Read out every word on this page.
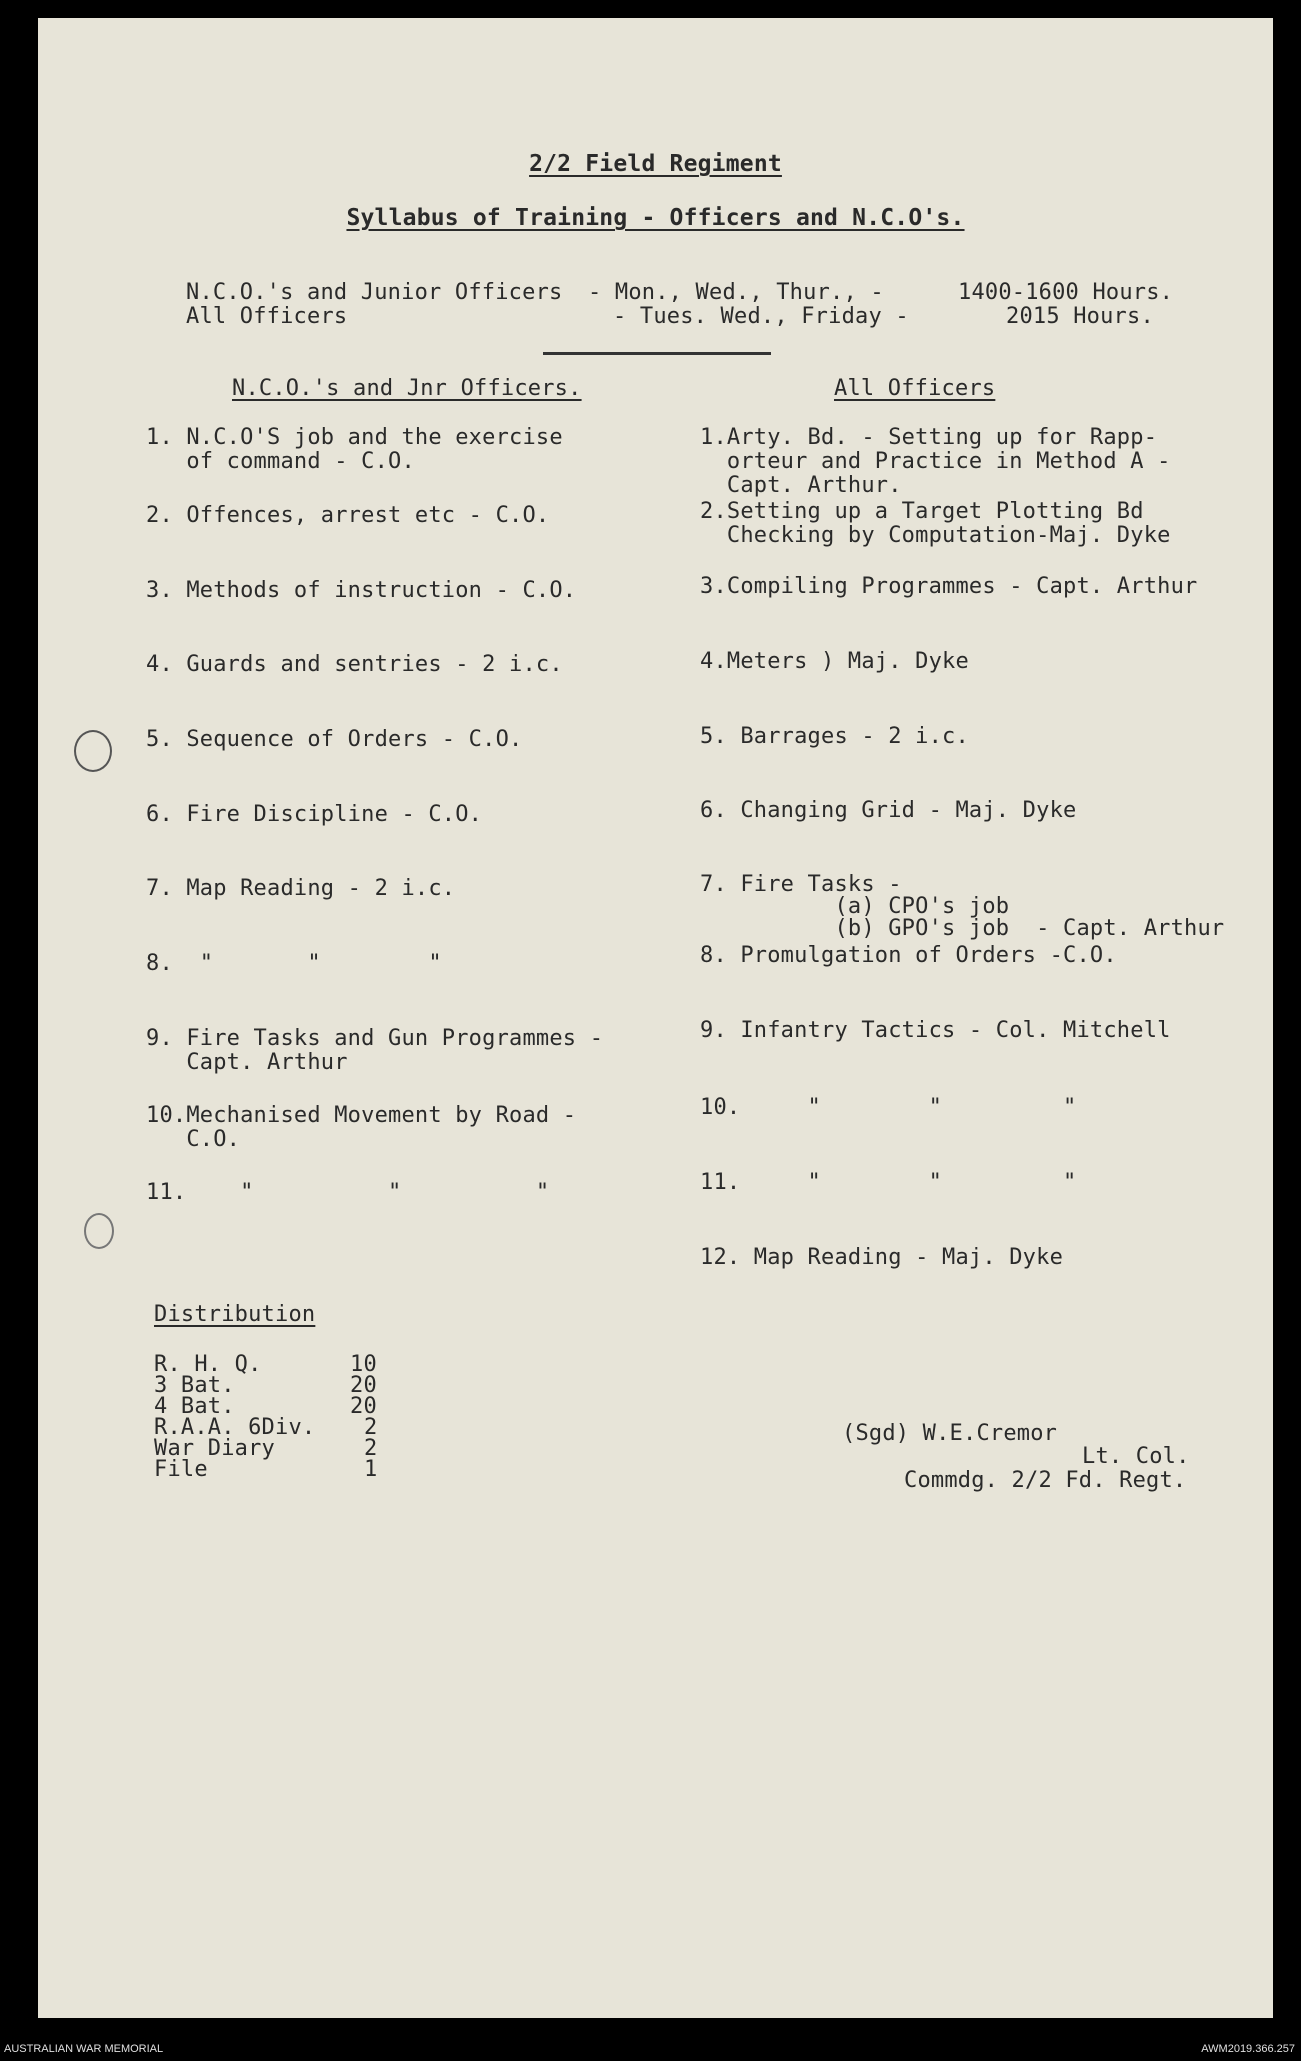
2/2 Field Regiment
Syllabus of Training - Officers and N.C.O's.
N.C.O.'s and Junior Officers - Mon., Wed., Thur., -	1400-1600 Hours.
All Officers	- Tues. Wed., Friday -	2015 Hours.
N.C.O.'s and Jnr Officers.
1. N.C.O'S job and the exercise
of command - C.O.
2. Offences, arrest etc - C.O.
3. Methods of instruction - C.O.
4. Guards and sentries - 2 i.c.
5. Sequence of Orders - C.O.
6. Fire Discipline - C.O.
7. Map Reading - 2 i.c.
8.  "       "        "
9. Fire Tasks and Gun Programmes -
Capt. Arthur
10.Mechanised Movement by Road -
C.O.
11.    "          "          "
All Officers
1.Arty. Bd. - Setting up for Rapp-
orteur and Practice in Method A -
Capt. Arthur.
2.Setting up a Target Plotting Bd
Checking by Computation-Maj. Dyke
3.Compiling Programmes - Capt. Arthur
4.Meters ) Maj. Dyke
5. Barrages - 2 i.c.
6. Changing Grid - Maj. Dyke
7. Fire Tasks -
(a) CPO's job
(b) GPO's job  - Capt. Arthur
8. Promulgation of Orders -C.O.
9. Infantry Tactics - Col. Mitchell
10.     "        "         "
11.     "        "         "
12. Map Reading - Maj. Dyke
Distribution
R. H. Q.	10
3 Bat.	20
4 Bat.	20
R.A.A. 6Div. 2
War Diary	2
File	1
(Sgd) W.E.Cremor
Lt. Col.
Commdg. 2/2 Fd. Regt.
AUSTRALIAN WAR MEMORIAL	AWM2019.366.257
